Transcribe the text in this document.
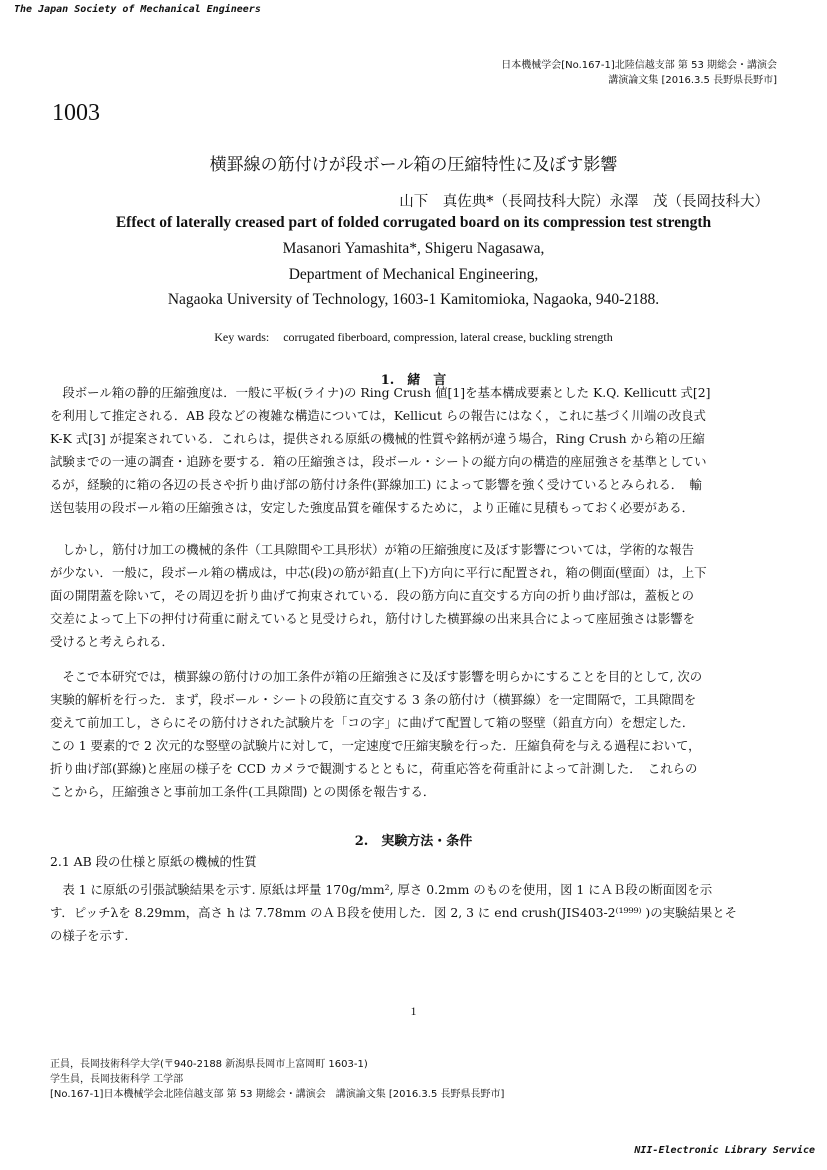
The Japan Society of Mechanical Engineers
日本機械学会[No.167-1]北陸信越支部 第 53 期総会・講演会
講演論文集 [2016.3.5 長野県長野市]
1003
横罫線の筋付けが段ボール箱の圧縮特性に及ぼす影響
山下　真佐典*（長岡技科大院）永澤　茂（長岡技科大）
Effect of laterally creased part of folded corrugated board on its compression test strength
Masanori Yamashita*, Shigeru Nagasawa,
Department of Mechanical Engineering,
Nagaoka University of Technology, 1603-1 Kamitomioka, Nagaoka, 940-2188.
Key wards: corrugated fiberboard, compression, lateral crease, buckling strength
1.　緒　言
　段ボール箱の静的圧縮強度は．一般に平板(ライナ)の Ring Crush 値[1]を基本構成要素とした K.Q. Kellicutt 式[2]
を利用して推定される．AB 段などの複雑な構造については，Kellicut らの報告にはなく，これに基づく川端の改良式
K-K 式[3] が提案されている．これらは，提供される原紙の機械的性質や銘柄が違う場合，Ring Crush から箱の圧縮
試験までの一連の調査・追跡を要する．箱の圧縮強さは，段ボール・シートの縦方向の構造的座屈強さを基準としてい
るが，経験的に箱の各辺の長さや折り曲げ部の筋付け条件(罫線加工) によって影響を強く受けているとみられる．　輸
送包装用の段ボール箱の圧縮強さは，安定した強度品質を確保するために，より正確に見積もっておく必要がある．
　しかし，筋付け加工の機械的条件（工具隙間や工具形状）が箱の圧縮強度に及ぼす影響については，学術的な報告
が少ない．一般に，段ボール箱の構成は，中芯(段)の筋が鉛直(上下)方向に平行に配置され，箱の側面(壁面）は，上下
面の開閉蓋を除いて，その周辺を折り曲げて拘束されている．段の筋方向に直交する方向の折り曲げ部は，蓋板との
交差によって上下の押付け荷重に耐えていると見受けられ，筋付けした横罫線の出来具合によって座屈強さは影響を
受けると考えられる．
　そこで本研究では，横罫線の筋付けの加工条件が箱の圧縮強さに及ぼす影響を明らかにすることを目的として, 次の
実験的解析を行った．まず，段ボール・シートの段筋に直交する 3 条の筋付け（横罫線）を一定間隔で，工具隙間を
変えて前加工し，さらにその筋付けされた試験片を「コの字」に曲げて配置して箱の竪壁（鉛直方向）を想定した．
この 1 要素的で 2 次元的な竪壁の試験片に対して，一定速度で圧縮実験を行った．圧縮負荷を与える過程において，
折り曲げ部(罫線)と座屈の様子を CCD カメラで観測するとともに，荷重応答を荷重計によって計測した．　これらの
ことから，圧縮強さと事前加工条件(工具隙間) との関係を報告する．
2.　実験方法・条件
2.1 AB 段の仕様と原紙の機械的性質
　表 1 に原紙の引張試験結果を示す. 原紙は坪量 170g/mm², 厚さ 0.2mm のものを使用，図 1 にＡＢ段の断面図を示
す．ピッチλを 8.29mm，高さ h は 7.78mm のＡＢ段を使用した．図 2, 3 に end crush(JIS403-2⁽¹⁹⁹⁹⁾ )の実験結果とそ
の様子を示す.
1
正員，長岡技術科学大学(〒940-2188 新潟県長岡市上富岡町 1603-1)
学生員，長岡技術科学 工学部
[No.167-1]日本機械学会北陸信越支部 第 53 期総会・講演会　講演論文集 [2016.3.5 長野県長野市]
NII-Electronic Library Service
